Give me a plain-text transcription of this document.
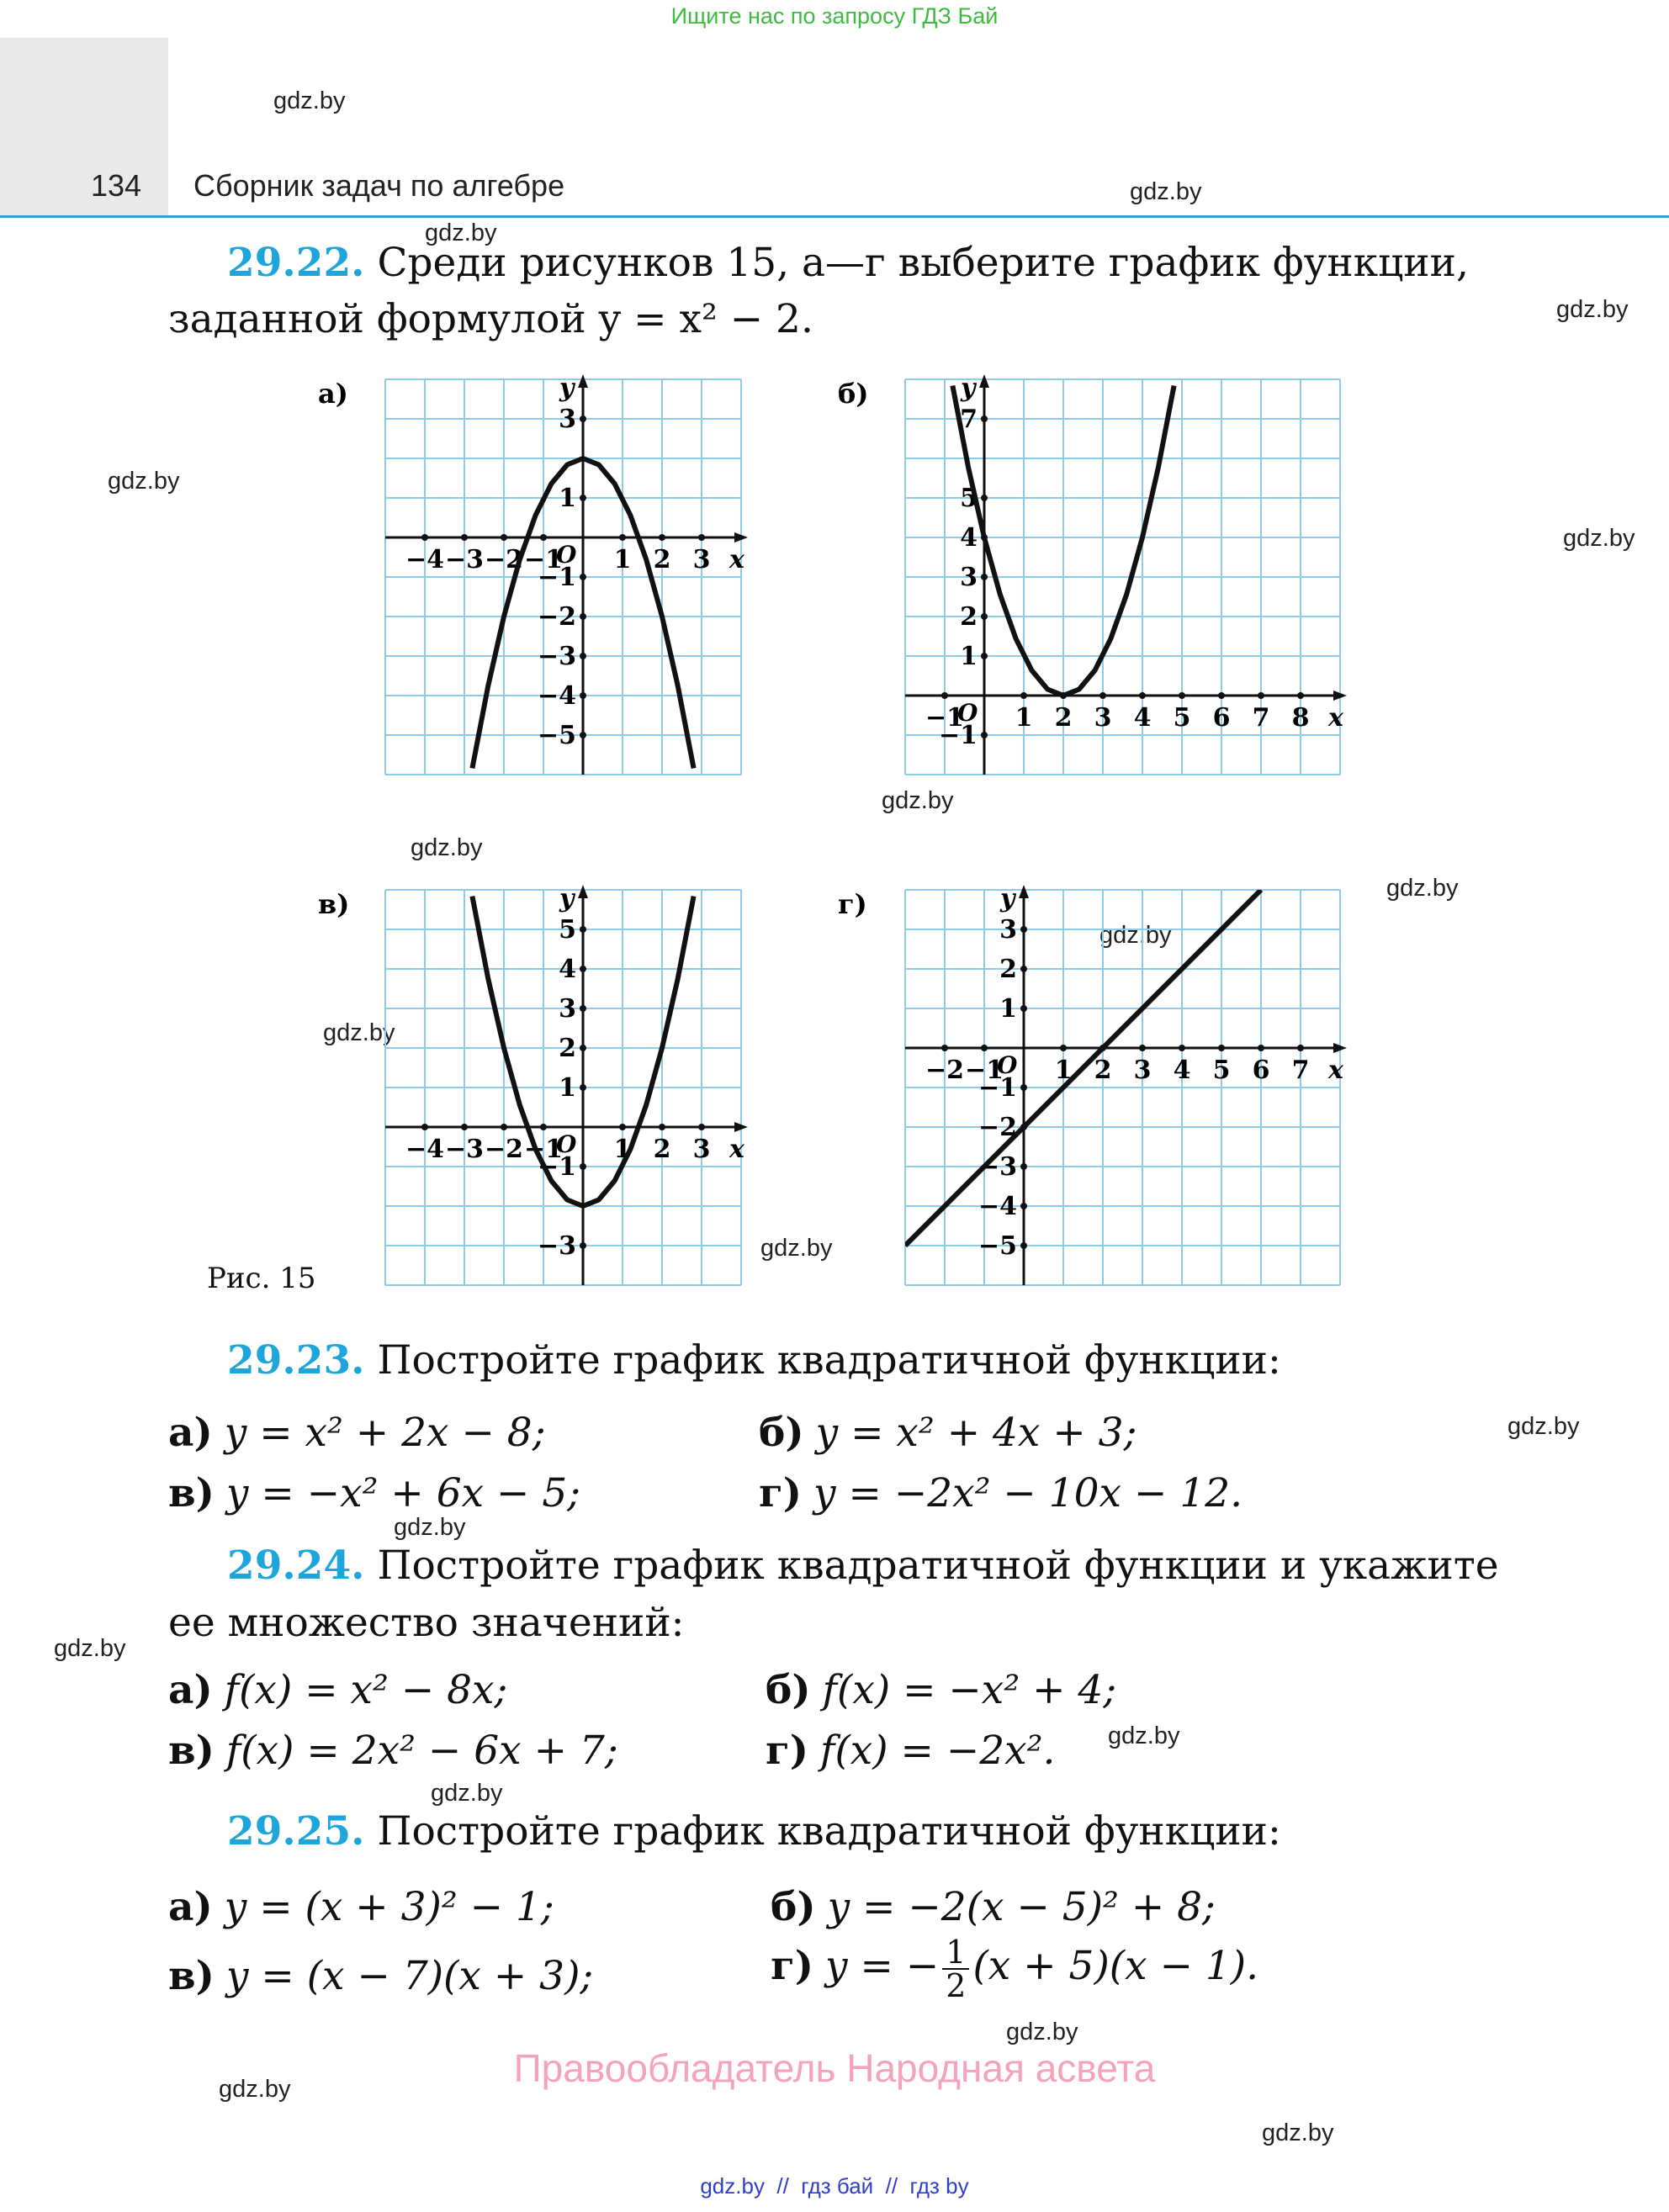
Ищите нас по запросу ГДЗ Бай
134 Сборник задач по алгебре
gdz.by
gdz.by
gdz.by
gdz.by
gdz.by
gdz.by
gdz.by
gdz.by
gdz.by
gdz.by
gdz.by
gdz.by
gdz.by
gdz.by
gdz.by
gdz.by
gdz.by
gdz.by
gdz.by
gdz.by
29.22. Среди рисунков 15, а—г выберите график функции,
заданной формулой y = x² − 2.
x
y
O
−4 −3 −2 −1 1 2 3
3
1
−1
−2
−3
−4
−5
а)
x
y
O
−1 1 2 3 4 5 6 7 8
7
5
4
3
2
1
−1
б)
x
y
O
−4 −3 −2 −1 1 2 3
5
4
3
2
1
−1
−3
в)
x
y
O
−2 −1 1 2 3 4 5 6 7
3
2
1
−1
−2
−3
−4
−5
г)
Рис. 15
29.23. Постройте график квадратичной функции:
а) y = x² + 2x − 8;	б) y = x² + 4x + 3;
в) y = −x² + 6x − 5;	г) y = −2x² − 10x − 12.
29.24. Постройте график квадратичной функции и укажите
ее множество значений:
а) f(x) = x² − 8x;	б) f(x) = −x² + 4;
в) f(x) = 2x² − 6x + 7;	г) f(x) = −2x².
29.25. Постройте график квадратичной функции:
а) y = (x + 3)² − 1;	б) y = −2(x − 5)² + 8;
в) y = (x − 7)(x + 3);	г) y = − $\frac{1}{2} (x + 5)(x - 1)$.
Правообладатель Народная асвета
gdz.by  //  гдз бай  //  гдз by
